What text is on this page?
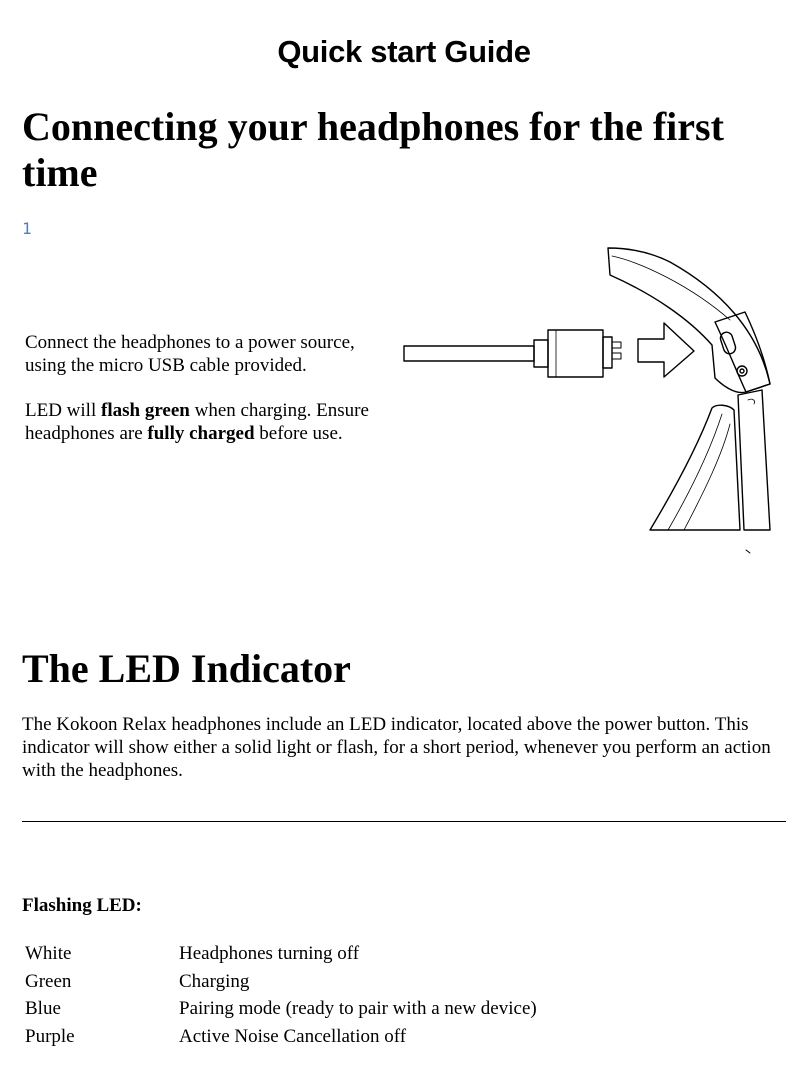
Quick start Guide
Connecting your headphones for the first time
1
Connect the headphones to a power source, using the micro USB cable provided.
LED will flash green when charging. Ensure headphones are fully charged before use.
The LED Indicator
The Kokoon Relax headphones include an LED indicator, located above the power button. This indicator will show either a solid light or flash, for a short period, whenever you perform an action with the headphones.
Flashing LED:
White	Headphones turning off
Green	Charging
Blue	Pairing mode (ready to pair with a new device)
Purple	Active Noise Cancellation off
